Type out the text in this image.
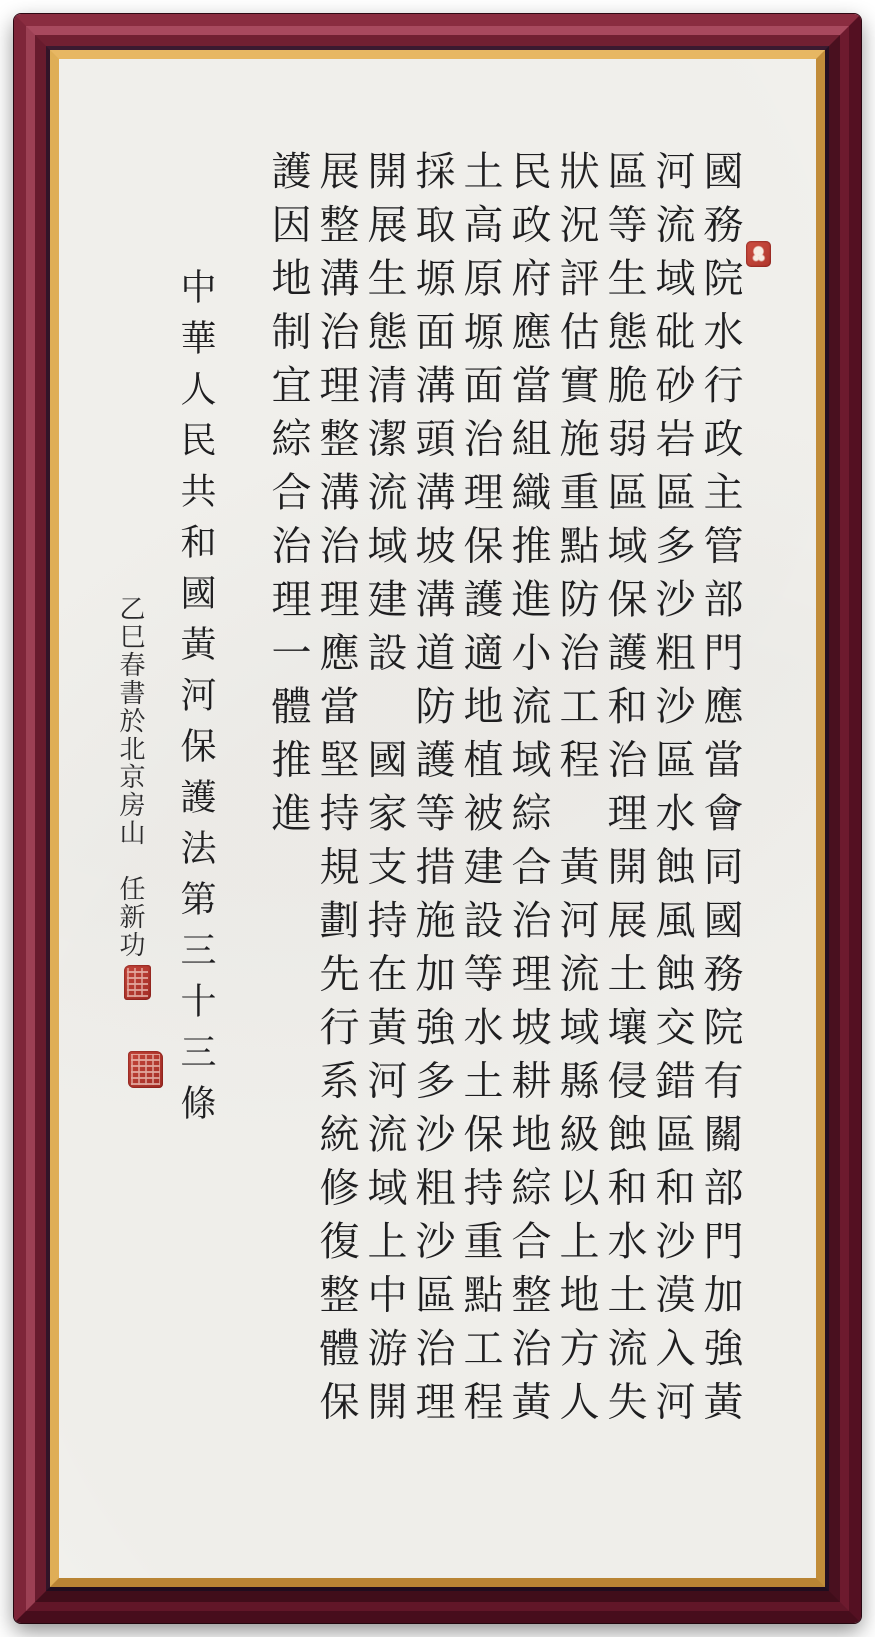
國務院水行政主管部門應當會同國務院有關部門加強黃
河流域砒砂岩區多沙粗沙區水蝕風蝕交錯區和沙漠入河
區等生態脆弱區域保護和治理開展土壤侵蝕和水土流失
狀況評估實施重點防治工程　黃河流域縣級以上地方人
民政府應當組織推進小流域綜合治理坡耕地綜合整治黃
土高原塬面治理保護適地植被建設等水土保持重點工程
採取塬面溝頭溝坡溝道防護等措施加強多沙粗沙區治理
開展生態清潔流域建設　國家支持在黃河流域上中游開
展整溝治理整溝治理應當堅持規劃先行系統修復整體保
護因地制宜綜合治理一體推進
中華人民共和國黃河保護法第三十三條
乙巳春書於北京房山　任新功
